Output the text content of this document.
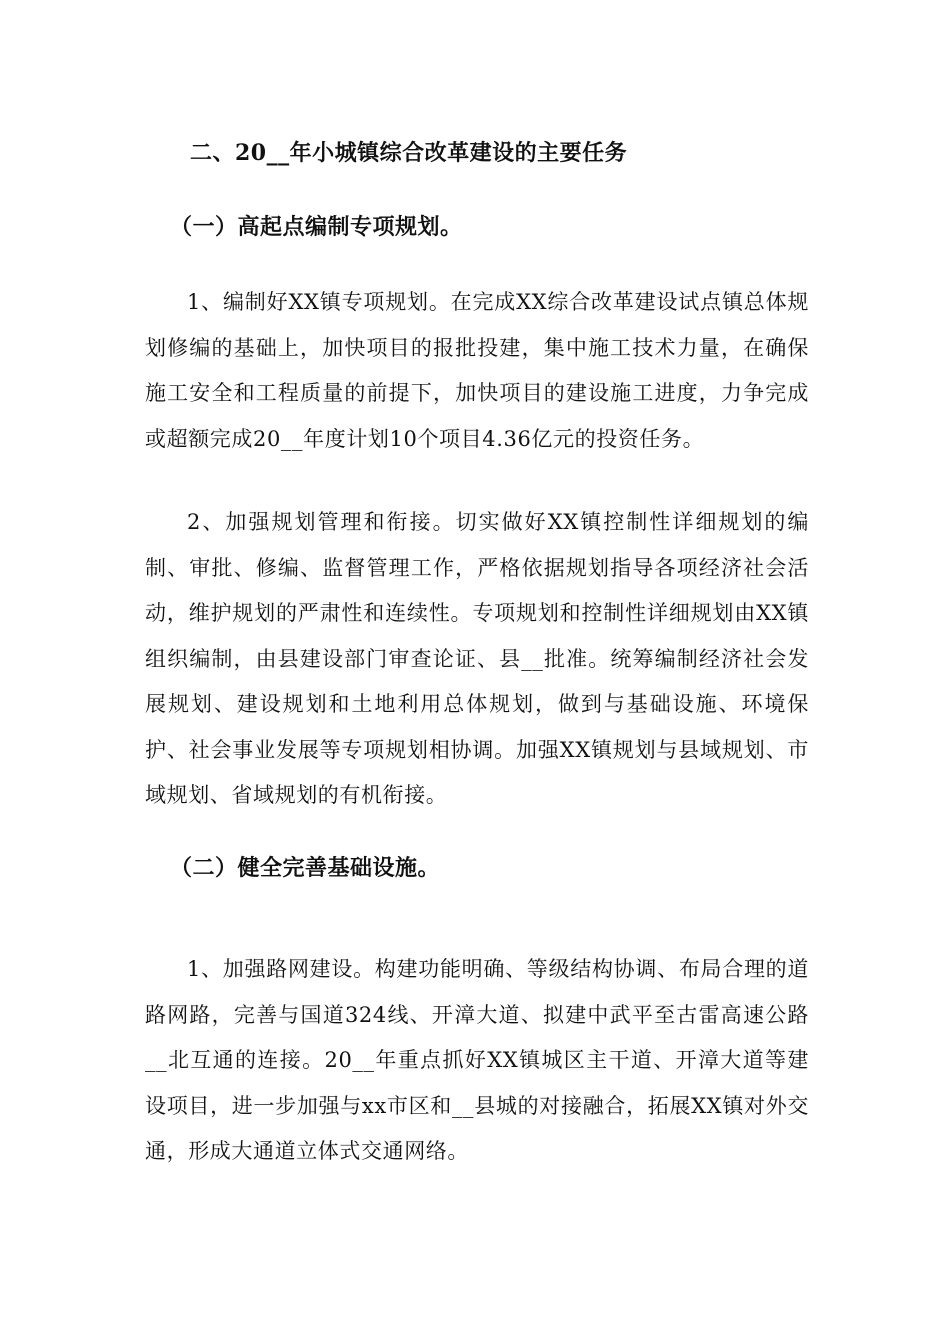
二、20__年小城镇综合改革建设的主要任务
（一）高起点编制专项规划。

1、编制好XX镇专项规划。在完成XX综合改革建设试点镇总体规划修编的基础上，加快项目的报批投建，集中施工技术力量，在确保施工安全和工程质量的前提下，加快项目的建设施工进度，力争完成或超额完成20__年度计划10个项目4.36亿元的投资任务。

2、加强规划管理和衔接。切实做好XX镇控制性详细规划的编制、审批、修编、监督管理工作，严格依据规划指导各项经济社会活动，维护规划的严肃性和连续性。专项规划和控制性详细规划由XX镇组织编制，由县建设部门审查论证、县__批准。统筹编制经济社会发展规划、建设规划和土地利用总体规划，做到与基础设施、环境保护、社会事业发展等专项规划相协调。加强XX镇规划与县域规划、市域规划、省域规划的有机衔接。

（二）健全完善基础设施。

1、加强路网建设。构建功能明确、等级结构协调、布局合理的道路网路，完善与国道324线、开漳大道、拟建中武平至古雷高速公路__北互通的连接。20__年重点抓好XX镇城区主干道、开漳大道等建设项目，进一步加强与xx市区和__县城的对接融合，拓展XX镇对外交通，形成大通道立体式交通网络。
